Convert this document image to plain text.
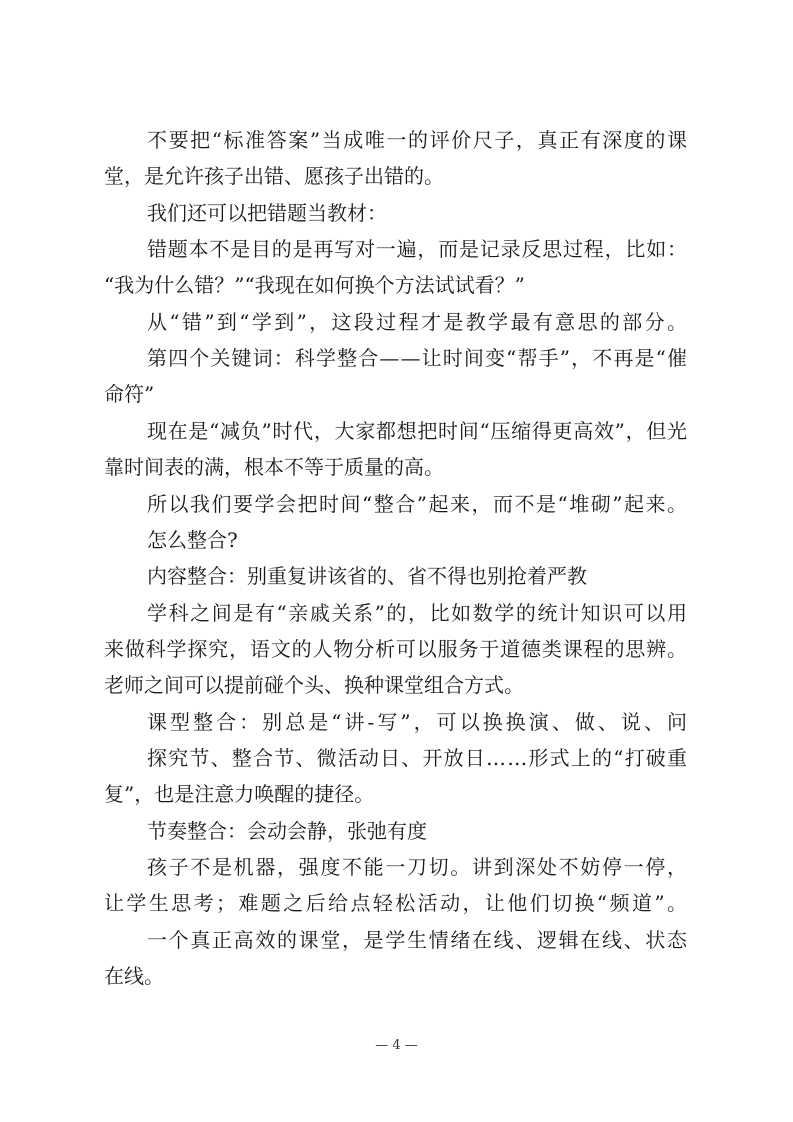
不要把“标准答案”当成唯一的评价尺子，真正有深度的课
堂，是允许孩子出错、愿孩子出错的。
我们还可以把错题当教材：
错题本不是目的是再写对一遍，而是记录反思过程，比如：
“我为什么错？”“我现在如何换个方法试试看？”
从“错”到“学到”，这段过程才是教学最有意思的部分。
第四个关键词：科学整合——让时间变“帮手”，不再是“催
命符”
现在是“减负”时代，大家都想把时间“压缩得更高效”，但光
靠时间表的满，根本不等于质量的高。
所以我们要学会把时间“整合”起来，而不是“堆砌”起来。
怎么整合?
内容整合：别重复讲该省的、省不得也别抢着严教
学科之间是有“亲戚关系”的，比如数学的统计知识可以用
来做科学探究，语文的人物分析可以服务于道德类课程的思辨。
老师之间可以提前碰个头、换种课堂组合方式。
课型整合：别总是“讲-写”，可以换换演、做、说、问
探究节、整合节、微活动日、开放日……形式上的“打破重
复”，也是注意力唤醒的捷径。
节奏整合：会动会静，张弛有度
孩子不是机器，强度不能一刀切。讲到深处不妨停一停，
让学生思考；难题之后给点轻松活动，让他们切换“频道”。
一个真正高效的课堂，是学生情绪在线、逻辑在线、状态
在线。
— 4 —
